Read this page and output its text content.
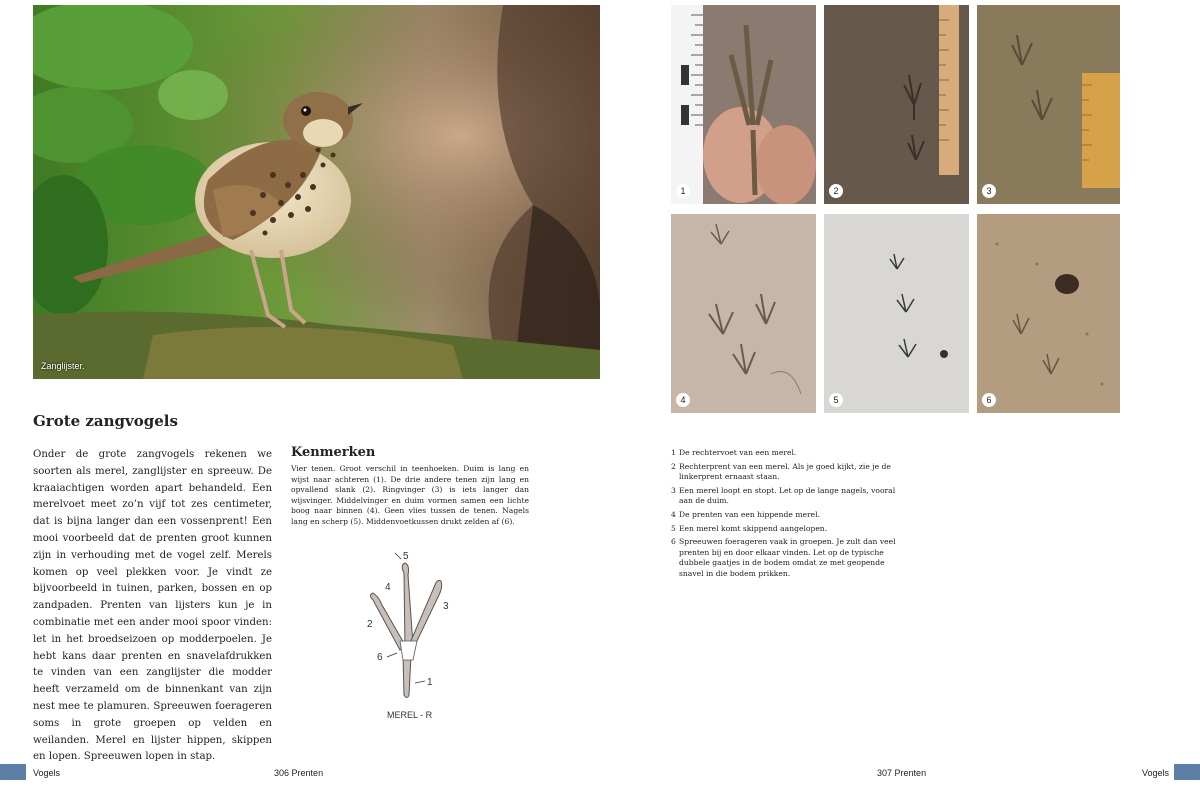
Zanglijster.
Grote zangvogels
Onder de grote zangvogels rekenen we soorten als merel, zanglijster en spreeuw. De kraaiachtigen worden apart behandeld. Een merelvoet meet zo’n vijf tot zes centimeter, dat is bijna langer dan een vossenprent! Een mooi voorbeeld dat de prenten groot kunnen zijn in verhouding met de vogel zelf. Merels komen op veel plekken voor. Je vindt ze bijvoorbeeld in tuinen, parken, bossen en op zandpaden. Prenten van lijsters kun je in combinatie met een ander mooi spoor vinden: let in het broedseizoen op modderpoelen. Je hebt kans daar prenten en snavelafdrukken te vinden van een zanglijster die modder heeft verzameld om de binnenkant van zijn nest mee te plamuren. Spreeuwen foerageren soms in grote groepen op velden en weilanden. Merel en lijster hippen, skippen en lopen. Spreeuwen lopen in stap.
Kenmerken
Vier tenen. Groot verschil in teenhoeken. Duim is lang en wijst naar achteren (1). De drie andere tenen zijn lang en opvallend slank (2). Ringvinger (3) is iets langer dan wijsvinger. Middelvinger en duim vormen samen een lichte boog naar binnen (4). Geen vlies tussen de tenen. Nagels lang en scherp (5). Middenvoetkussen drukt zelden af (6).
5
4
3
2
6
1
MEREL - R
Vogels	306 Prenten
1	2	3
4	5	6
1 De rechtervoet van een merel.
2 Rechterprent van een merel. Als je goed kijkt, zie je de linkerprent ernaast staan.
3 Een merel loopt en stopt. Let op de lange nagels, vooral aan de duim.
4 De prenten van een hippende merel.
5 Een merel komt skippend aangelopen.
6 Spreeuwen foerageren vaak in groepen. Je zult dan veel prenten bij en door elkaar vinden. Let op de typische dubbele gaatjes in de bodem omdat ze met geopende snavel in die bodem prikken.
307 Prenten	Vogels
